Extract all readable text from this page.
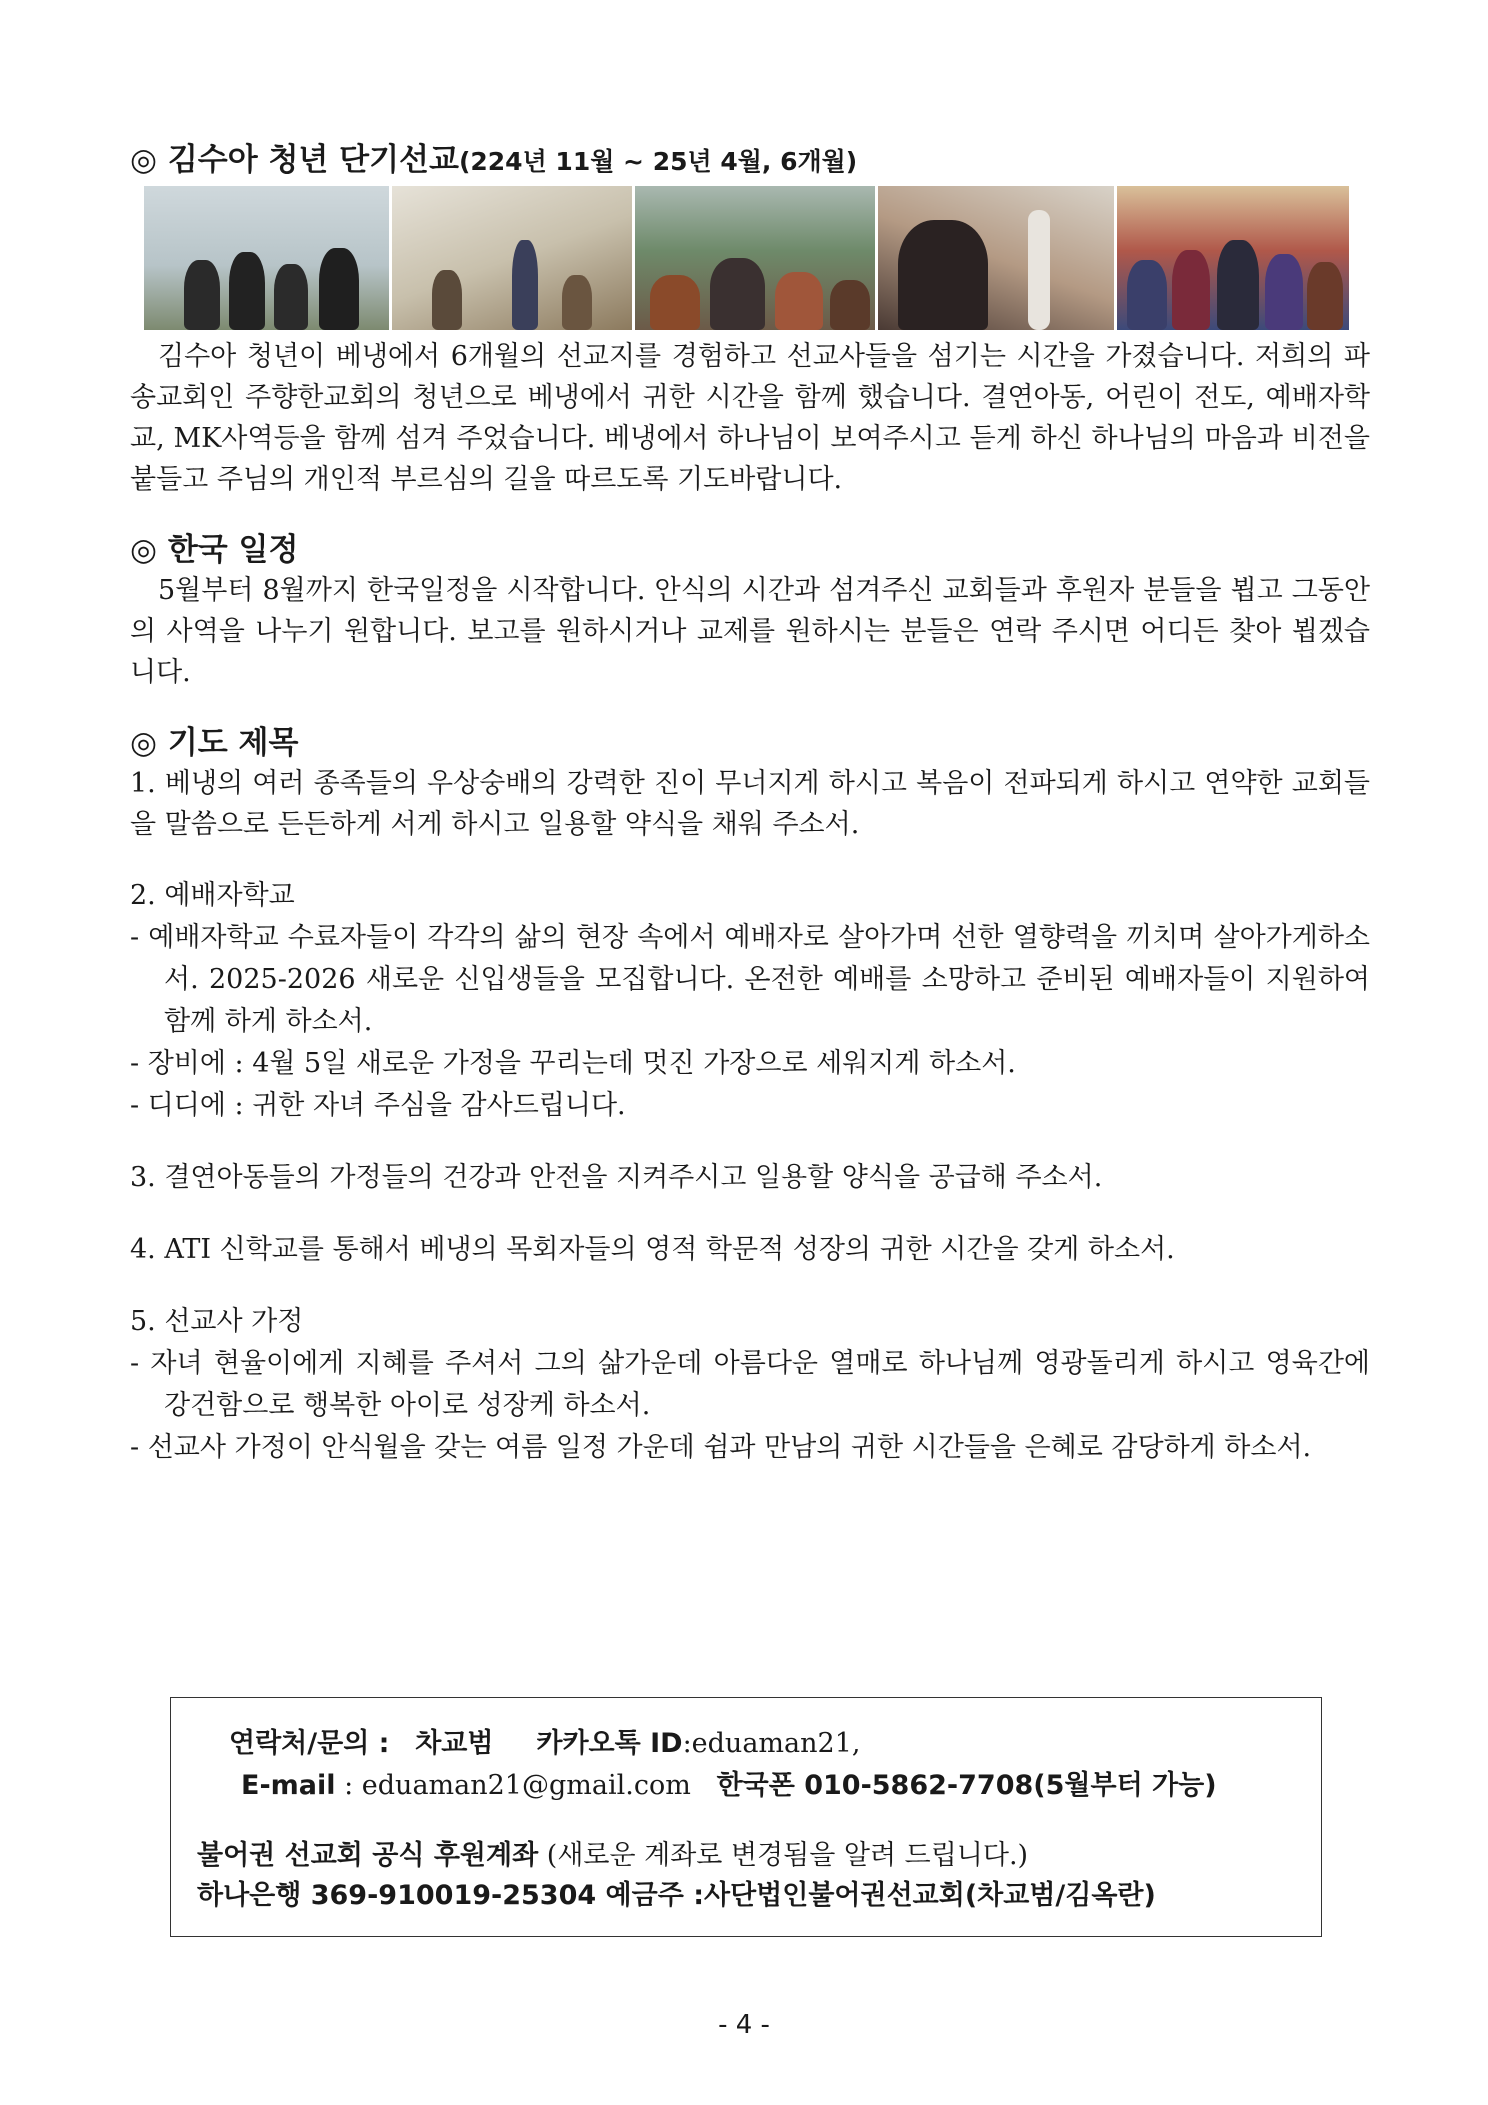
◎ 김수아 청년 단기선교(224년 11월 ~ 25년 4월, 6개월)

김수아 청년이 베냉에서 6개월의 선교지를 경험하고 선교사들을 섬기는 시간을 가졌습니다. 저희의 파송교회인 주향한교회의 청년으로 베냉에서 귀한 시간을 함께 했습니다. 결연아동, 어린이 전도, 예배자학교, MK사역등을 함께 섬겨 주었습니다. 베냉에서 하나님이 보여주시고 듣게 하신 하나님의 마음과 비전을 붙들고 주님의 개인적 부르심의 길을 따르도록 기도바랍니다.

◎ 한국 일정

5월부터 8월까지 한국일정을 시작합니다. 안식의 시간과 섬겨주신 교회들과 후원자 분들을 뵙고 그동안의 사역을 나누기 원합니다. 보고를 원하시거나 교제를 원하시는 분들은 연락 주시면 어디든 찾아 뵙겠습니다.

◎ 기도 제목

1. 베냉의 여러 종족들의 우상숭배의 강력한 진이 무너지게 하시고 복음이 전파되게 하시고 연약한 교회들을 말씀으로 든든하게 서게 하시고 일용할 약식을 채워 주소서.

2. 예배자학교

- 예배자학교 수료자들이 각각의 삶의 현장 속에서 예배자로 살아가며 선한 열향력을 끼치며 살아가게하소서. 2025-2026 새로운 신입생들을 모집합니다. 온전한 예배를 소망하고 준비된 예배자들이 지원하여 함께 하게 하소서.

- 장비에 : 4월 5일 새로운 가정을 꾸리는데 멋진 가장으로 세워지게 하소서.

- 디디에 : 귀한 자녀 주심을 감사드립니다.

3. 결연아동들의 가정들의 건강과 안전을 지켜주시고 일용할 양식을 공급해 주소서.

4. ATI 신학교를 통해서 베냉의 목회자들의 영적 학문적 성장의 귀한 시간을 갖게 하소서.

5. 선교사 가정

- 자녀 현율이에게 지혜를 주셔서 그의 삶가운데 아름다운 열매로 하나님께 영광돌리게 하시고 영육간에 강건함으로 행복한 아이로 성장케 하소서.

- 선교사 가정이 안식월을 갖는 여름 일정 가운데 쉼과 만남의 귀한 시간들을 은혜로 감당하게 하소서.

연락처/문의 : 차교범 카카오톡 ID:eduaman21,
E-mail : eduaman21@gmail.com 한국폰 010-5862-7708(5월부터 가능)
불어권 선교회 공식 후원계좌 (새로운 계좌로 변경됨을 알려 드립니다.)
하나은행 369-910019-25304 예금주 :사단법인불어권선교회(차교범/김옥란)
- 4 -
